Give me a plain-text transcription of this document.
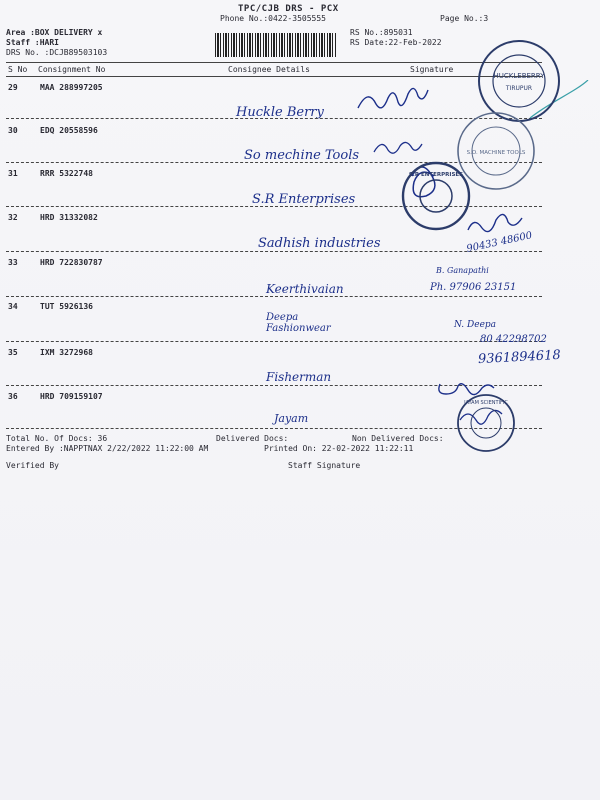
TPC/CJB DRS - PCX
Phone No.:0422-3505555	Page No.:3
Area :BOX DELIVERY x
Staff :HARI
DRS No. :DCJB89503103
RS No.:895031
RS Date:22-Feb-2022
S No Consignment No	Consignee Details	Signature
29	MAA 288997205
Huckle Berry
30	EDQ 20558596
So mechine Tools
31	RRR 5322748
S.R Enterprises
32	HRD 31332082
Sadhish industries
33	HRD 722830787
Keerthivaian
34	TUT 5926136
Deepa
Fashionwear
35	IXM 3272968
Fisherman
36	HRD 709159107
Jayam
90433 48600
B. Ganapathi
Ph. 97906 23151
N. Deepa
80 42298702
9361894618
HUCKLEBERRY
TIRUPUR
S.O. MACHINE TOOLS
S.R ENTERPRISES
JAYAM SCIENTIFIC
Total No. Of Docs: 36	Delivered Docs:	Non Delivered Docs:
Entered By :NAPPTNAX 2/22/2022 11:22:00 AM	Printed On: 22-02-2022 11:22:11
Verified By	Staff Signature
